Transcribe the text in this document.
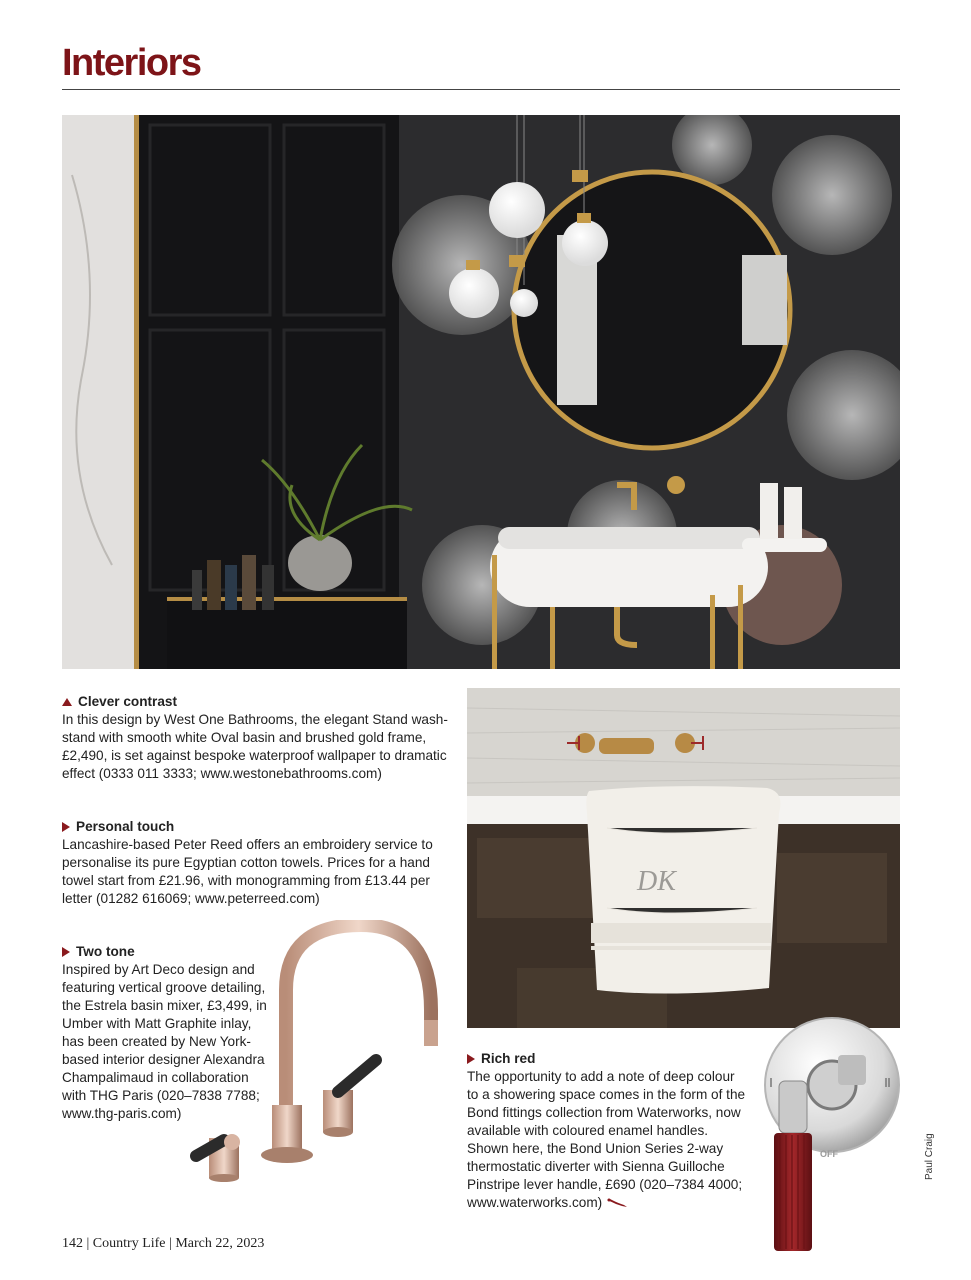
Interiors
DK
OFF
Clever contrast
In this design by West One Bathrooms, the elegant Stand wash-stand with smooth white Oval basin and brushed gold frame, £2,490, is set against bespoke waterproof wallpaper to dramatic effect (0333 011 3333; www.westonebathrooms.com)
Personal touch
Lancashire-based Peter Reed offers an embroidery service to personalise its pure Egyptian cotton towels. Prices for a hand towel start from £21.96, with monogramming from £13.44 per letter (01282 616069; www.peterreed.com)
Two tone
Inspired by Art Deco design and featuring vertical groove detailing, the Estrela basin mixer, £3,499, in Umber with Matt Graphite inlay, has been created by New York-based interior designer Alexandra Champalimaud in collaboration with THG Paris (020–7838 7788; www.thg-paris.com)
Rich red
The opportunity to add a note of deep colour to a showering space comes in the form of the Bond fittings collection from Waterworks, now available with coloured enamel handles. Shown here, the Bond Union Series 2-way thermostatic diverter with Sienna Guilloche Pinstripe lever handle, £690 (020–7384 4000; www.waterworks.com)
142 | Country Life | March 22, 2023
Paul Craig
